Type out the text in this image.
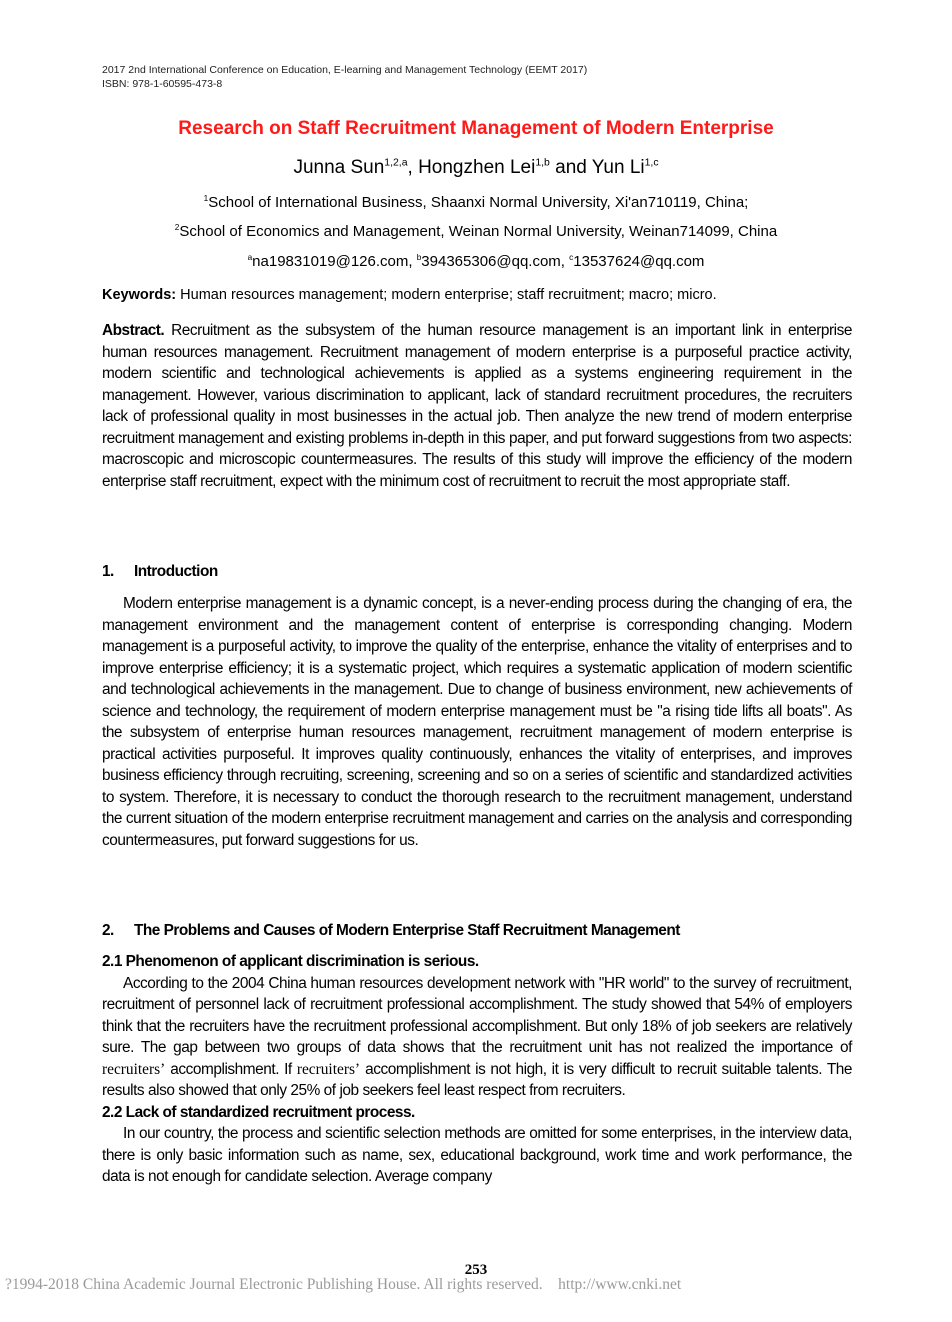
2017 2nd International Conference on Education, E-learning and Management Technology (EEMT 2017)
ISBN: 978-1-60595-473-8
Research on Staff Recruitment Management of Modern Enterprise
Junna Sun$^{1,2,a}$, Hongzhen Lei$^{1,b}$ and Yun Li$^{1,c}$
$^1$School of International Business, Shaanxi Normal University, Xi'an710119, China;
$^2$School of Economics and Management, Weinan Normal University, Weinan714099, China
$^a$na19831019@126.com, $^b$394365306@qq.com, $^c$13537624@qq.com
Keywords: Human resources management; modern enterprise; staff recruitment; macro; micro.

Abstract. Recruitment as the subsystem of the human resource management is an important link in enterprise human resources management. Recruitment management of modern enterprise is a purposeful practice activity, modern scientific and technological achievements is applied as a systems engineering requirement in the management. However, various discrimination to applicant, lack of standard recruitment procedures, the recruiters lack of professional quality in most businesses in the actual job. Then analyze the new trend of modern enterprise recruitment management and existing problems in-depth in this paper, and put forward suggestions from two aspects: macroscopic and microscopic countermeasures. The results of this study will improve the efficiency of the modern enterprise staff recruitment, expect with the minimum cost of recruitment to recruit the most appropriate staff.

1. Introduction

Modern enterprise management is a dynamic concept, is a never-ending process during the changing of era, the management environment and the management content of enterprise is corresponding changing. Modern management is a purposeful activity, to improve the quality of the enterprise, enhance the vitality of enterprises and to improve enterprise efficiency; it is a systematic project, which requires a systematic application of modern scientific and technological achievements in the management. Due to change of business environment, new achievements of science and technology, the requirement of modern enterprise management must be "a rising tide lifts all boats". As the subsystem of enterprise human resources management, recruitment management of modern enterprise is practical activities purposeful. It improves quality continuously, enhances the vitality of enterprises, and improves business efficiency through recruiting, screening, screening and so on a series of scientific and standardized activities to system. Therefore, it is necessary to conduct the thorough research to the recruitment management, understand the current situation of the modern enterprise recruitment management and carries on the analysis and corresponding countermeasures, put forward suggestions for us.

2. The Problems and Causes of Modern Enterprise Staff Recruitment Management
2.1 Phenomenon of applicant discrimination is serious.

According to the 2004 China human resources development network with "HR world" to the survey of recruitment, recruitment of personnel lack of recruitment professional accomplishment. The study showed that 54% of employers think that the recruiters have the recruitment professional accomplishment. But only 18% of job seekers are relatively sure. The gap between two groups of data shows that the recruitment unit has not realized the importance of recruiters’ accomplishment. If recruiters’ accomplishment is not high, it is very difficult to recruit suitable talents. The results also showed that only 25% of job seekers feel least respect from recruiters.

2.2 Lack of standardized recruitment process.

In our country, the process and scientific selection methods are omitted for some enterprises, in the interview data, there is only basic information such as name, sex, educational background, work time and work performance, the data is not enough for candidate selection. Average company

253
?1994-2018 China Academic Journal Electronic Publishing House. All rights reserved.    http://www.cnki.net
